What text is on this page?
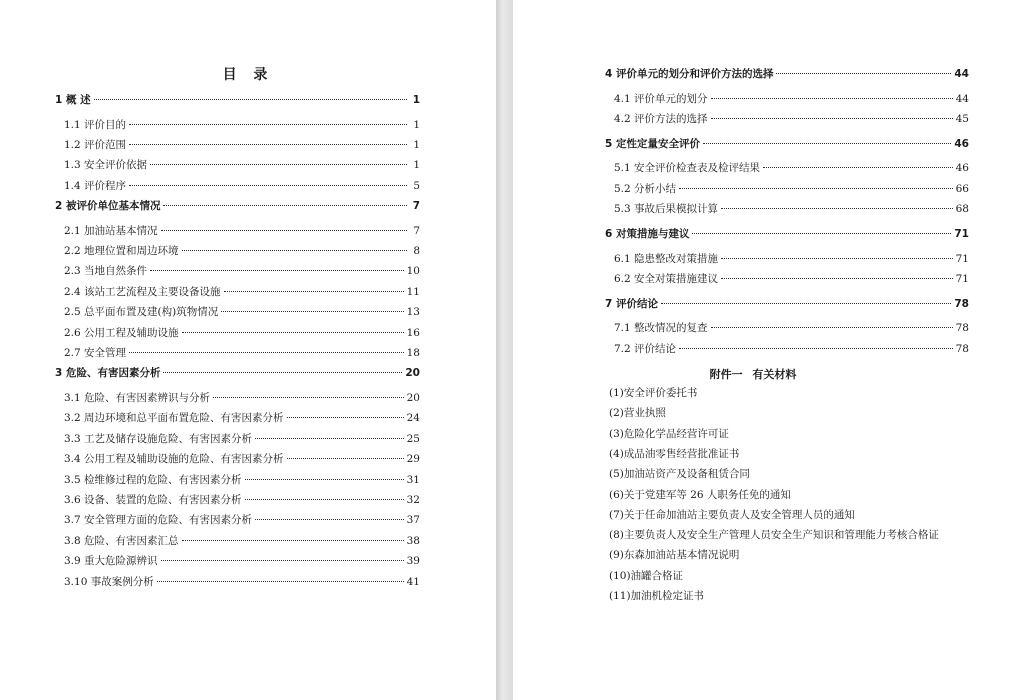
目 录
1 概 述	1
1.1 评价目的	1
1.2 评价范围	1
1.3 安全评价依据	1
1.4 评价程序	5
2 被评价单位基本情况	7
2.1 加油站基本情况	7
2.2 地理位置和周边环境	8
2.3 当地自然条件	10
2.4 该站工艺流程及主要设备设施	11
2.5 总平面布置及建(构)筑物情况	13
2.6 公用工程及辅助设施	16
2.7 安全管理	18
3 危险、有害因素分析	20
3.1 危险、有害因素辨识与分析	20
3.2 周边环境和总平面布置危险、有害因素分析	24
3.3 工艺及储存设施危险、有害因素分析	25
3.4 公用工程及辅助设施的危险、有害因素分析	29
3.5 检维修过程的危险、有害因素分析	31
3.6 设备、装置的危险、有害因素分析	32
3.7 安全管理方面的危险、有害因素分析	37
3.8 危险、有害因素汇总	38
3.9 重大危险源辨识	39
3.10 事故案例分析	41
4 评价单元的划分和评价方法的选择	44
4.1 评价单元的划分	44
4.2 评价方法的选择	45
5 定性定量安全评价	46
5.1 安全评价检查表及检评结果	46
5.2 分析小结	66
5.3 事故后果模拟计算	68
6 对策措施与建议	71
6.1 隐患整改对策措施	71
6.2 安全对策措施建议	71
7 评价结论	78
7.1 整改情况的复查	78
7.2 评价结论	78
附件一 有关材料
(1)安全评价委托书
(2)营业执照
(3)危险化学品经营许可证
(4)成品油零售经营批准证书
(5)加油站资产及设备租赁合同
(6)关于党建军等 26 人职务任免的通知
(7)关于任命加油站主要负责人及安全管理人员的通知
(8)主要负责人及安全生产管理人员安全生产知识和管理能力考核合格证
(9)东森加油站基本情况说明
(10)油罐合格证
(11)加油机检定证书
